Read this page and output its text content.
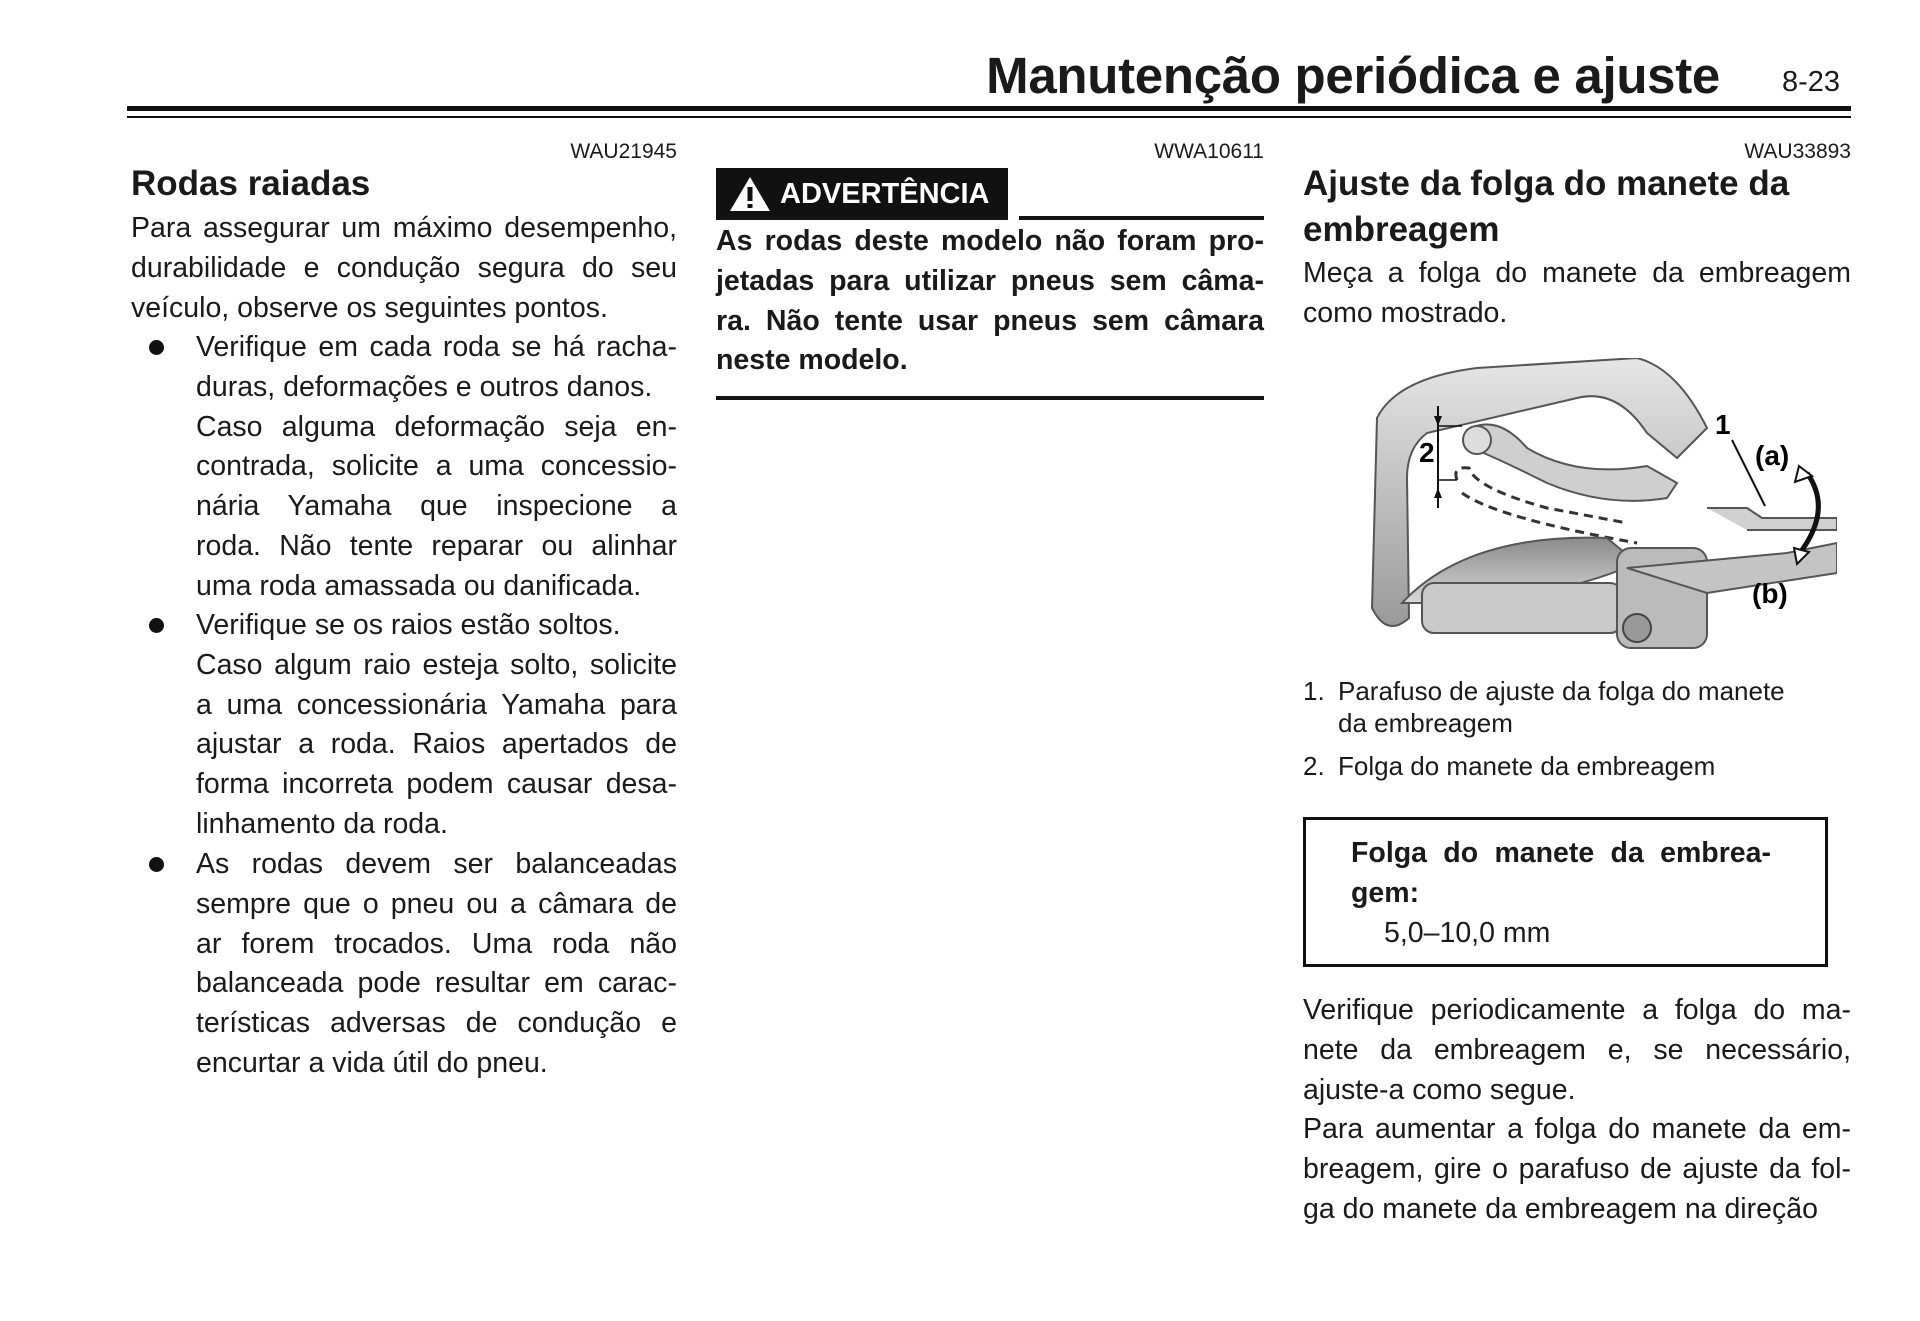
Manutenção periódica e ajuste 8-23
WAU21945
Rodas raiadas
Para assegurar um máximo desempenho,
durabilidade e condução segura do seu
veículo, observe os seguintes pontos.
Verifique em cada roda se há racha-
duras, deformações e outros danos.
Caso alguma deformação seja en-
contrada, solicite a uma concessio-
nária Yamaha que inspecione a
roda. Não tente reparar ou alinhar
uma roda amassada ou danificada.
Verifique se os raios estão soltos.
Caso algum raio esteja solto, solicite
a uma concessionária Yamaha para
ajustar a roda. Raios apertados de
forma incorreta podem causar desa-
linhamento da roda.
As rodas devem ser balanceadas
sempre que o pneu ou a câmara de
ar forem trocados. Uma roda não
balanceada pode resultar em carac-
terísticas adversas de condução e
encurtar a vida útil do pneu.
WWA10611
ADVERTÊNCIA
As rodas deste modelo não foram pro-
jetadas para utilizar pneus sem câma-
ra. Não tente usar pneus sem câmara
neste modelo.
WAU33893
Ajuste da folga do manete da
embreagem
Meça a folga do manete da embreagem
como mostrado.
2
1
(a)
(b)
1. Parafuso de ajuste da folga do manete
da embreagem
2. Folga do manete da embreagem
Folga do manete da embrea-
gem:
5,0–10,0 mm
Verifique periodicamente a folga do ma-
nete da embreagem e, se necessário,
ajuste-a como segue.
Para aumentar a folga do manete da em-
breagem, gire o parafuso de ajuste da fol-
ga do manete da embreagem na direção
